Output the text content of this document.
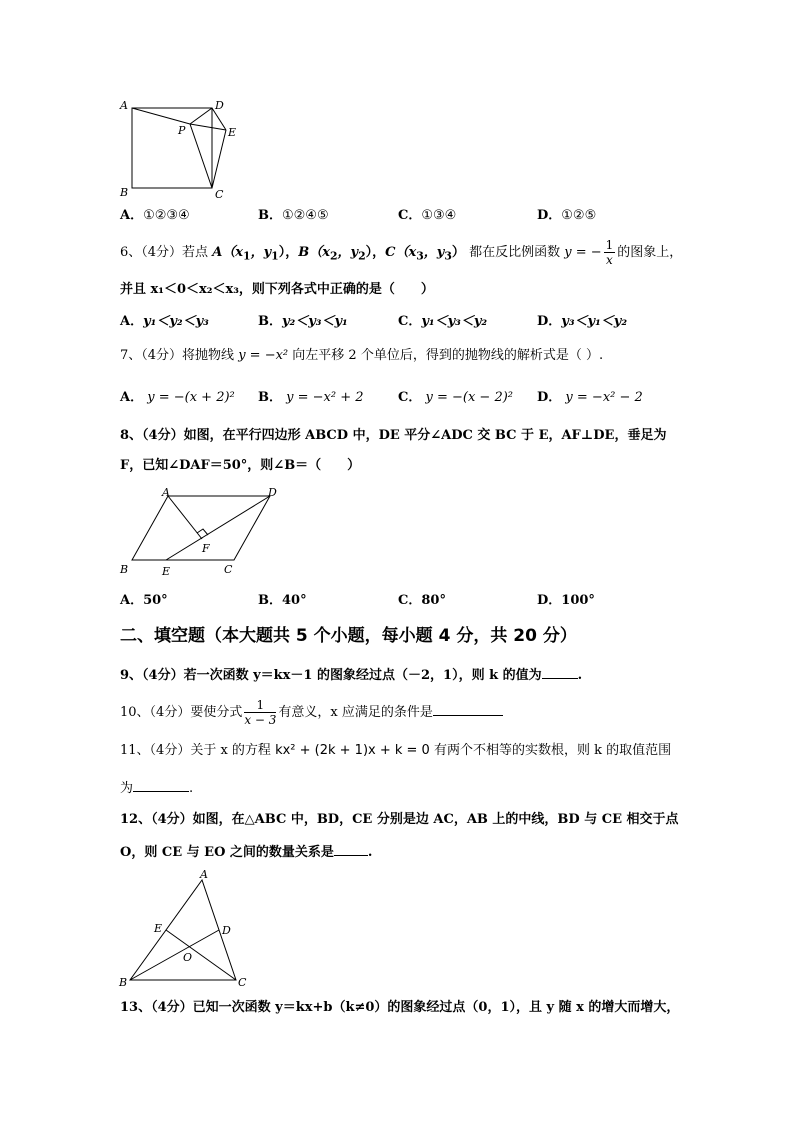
A	D
P	E
B	C
A．①②③④	B．①②④⑤	C．①③④	D．①②⑤
6、（4分）若点 $A(x_1$，$y_1$），$B(x_2$，$y_2$），$C(x_3$，$y_3$） 都在反比例函数 y = − $\frac{1}{x}$ 的图象上，
并且 x₁＜0＜x₂＜x₃，则下列各式中正确的是（　　）
A．y₁＜y₂＜y₃	B．y₂＜y₃＜y₁	C．y₁＜y₃＜y₂	D．y₃＜y₁＜y₂
7、（4分）将抛物线 y = −x² 向左平移 2 个单位后，得到的抛物线的解析式是（ ）.
A． y = −(x + 2)² B． y = −x² + 2	C． y = −(x − 2)² D． y = −x² − 2
8、（4分）如图，在平行四边形 ABCD 中，DE 平分∠ADC 交 BC 于 E，AF⊥DE，垂足为
F，已知∠DAF＝50°，则∠B＝（　　）
A	D
F
B	E	C
A．50°	B．40°	C．80°	D．100°
二、填空题（本大题共 5 个小题，每小题 4 分，共 20 分）
9、（4分）若一次函数 y＝kx－1 的图象经过点（－2，1），则 k 的值为	.
10、（4分）要使分式 $\frac{1}{x - 3}$ 有意义，x 应满足的条件是
11、（4分）关于 x 的方程 kx² + (2k + 1)x + k = 0 有两个不相等的实数根，则 k 的取值范围
为	.
12、（4分）如图，在△ABC 中，BD，CE 分别是边 AC，AB 上的中线，BD 与 CE 相交于点
O，则 CE 与 EO 之间的数量关系是	.
A
E	D
O
B	C
13、（4分）已知一次函数 y＝kx+b（k≠0）的图象经过点（0，1），且 y 随 x 的增大而增大，
